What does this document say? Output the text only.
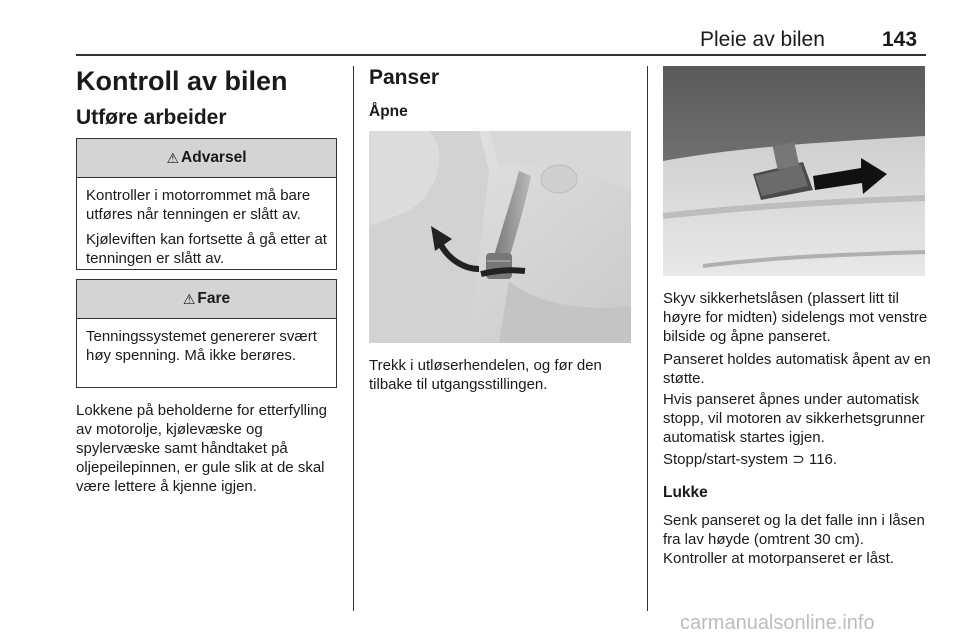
Pleie av bilen	143
Kontroll av bilen
Utføre arbeider
⚠ Advarsel

Kontroller i motorrommet må bare utføres når tenningen er slått av.

Kjøleviften kan fortsette å gå etter at tenningen er slått av.

⚠ Fare

Tenningssystemet genererer svært høy spenning. Må ikke berøres.

Lokkene på beholderne for etterfylling av motorolje, kjølevæske og spylervæske samt håndtaket på oljepeilepinnen, er gule slik at de skal være lettere å kjenne igjen.

Panser
Åpne

Trekk i utløserhendelen, og før den tilbake til utgangsstillingen.

Skyv sikkerhetslåsen (plassert litt til høyre for midten) sidelengs mot venstre bilside og åpne panseret.

Panseret holdes automatisk åpent av en støtte.

Hvis panseret åpnes under automatisk stopp, vil motoren av sikkerhetsgrunner automatisk startes igjen.

Stopp/start-system ⊃ 116.

Lukke

Senk panseret og la det falle inn i låsen fra lav høyde (omtrent 30 cm). Kontroller at motorpanseret er låst.

carmanualsonline.info
